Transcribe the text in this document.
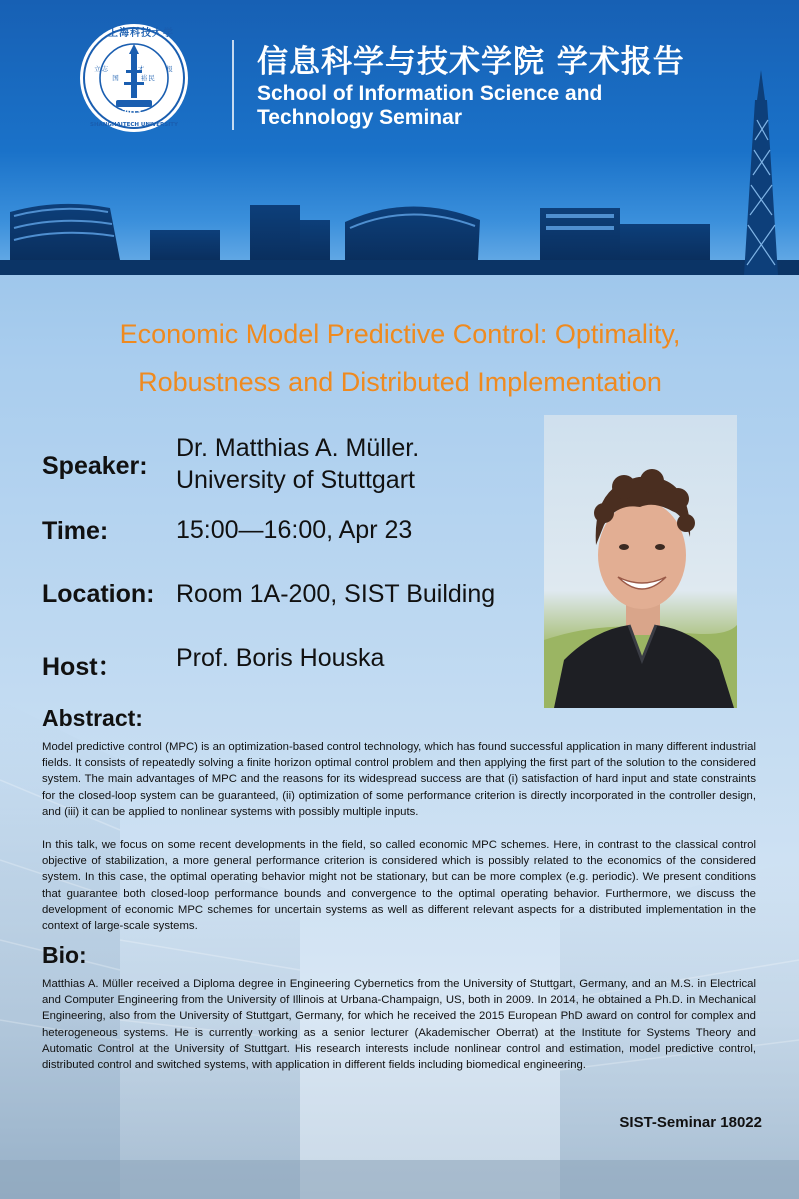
上海科技大学
立志 成才 报国 裕民
2013
SHANGHAITECH UNIVERSITY
信息科学与技术学院 学术报告
School of Information Science and
Technology Seminar
Economic Model Predictive Control: Optimality,
Robustness and Distributed Implementation
Speaker:
Dr. Matthias A. Müller.
University of Stuttgart
Time:	15:00—16:00, Apr 23
Location: Room 1A-200, SIST Building
Host： Prof. Boris Houska
Abstract:

Model predictive control (MPC) is an optimization-based control technology, which has found successful application in many different industrial fields. It consists of repeatedly solving a finite horizon optimal control problem and then applying the first part of the solution to the considered system. The main advantages of MPC and the reasons for its widespread success are that (i) satisfaction of hard input and state constraints for the closed-loop system can be guaranteed, (ii) optimization of some performance criterion is directly incorporated in the controller design, and (iii) it can be applied to nonlinear systems with possibly multiple inputs.

In this talk, we focus on some recent developments in the field, so called economic MPC schemes. Here, in contrast to the classical control objective of stabilization, a more general performance criterion is considered which is possibly related to the economics of the considered system. In this case, the optimal operating behavior might not be stationary, but can be more complex (e.g. periodic). We present conditions that guarantee both closed-loop performance bounds and convergence to the optimal operating behavior. Furthermore, we discuss the development of economic MPC schemes for uncertain systems as well as different relevant aspects for a distributed implementation in the context of large-scale systems.

Bio:

Matthias A. Müller received a Diploma degree in Engineering Cybernetics from the University of Stuttgart, Germany, and an M.S. in Electrical and Computer Engineering from the University of Illinois at Urbana-Champaign, US, both in 2009. In 2014, he obtained a Ph.D. in Mechanical Engineering, also from the University of Stuttgart, Germany, for which he received the 2015 European PhD award on control for complex and heterogeneous systems. He is currently working as a senior lecturer (Akademischer Oberrat) at the Institute for Systems Theory and Automatic Control at the University of Stuttgart. His research interests include nonlinear control and estimation, model predictive control, distributed control and switched systems, with application in different fields including biomedical engineering.

SIST-Seminar 18022
